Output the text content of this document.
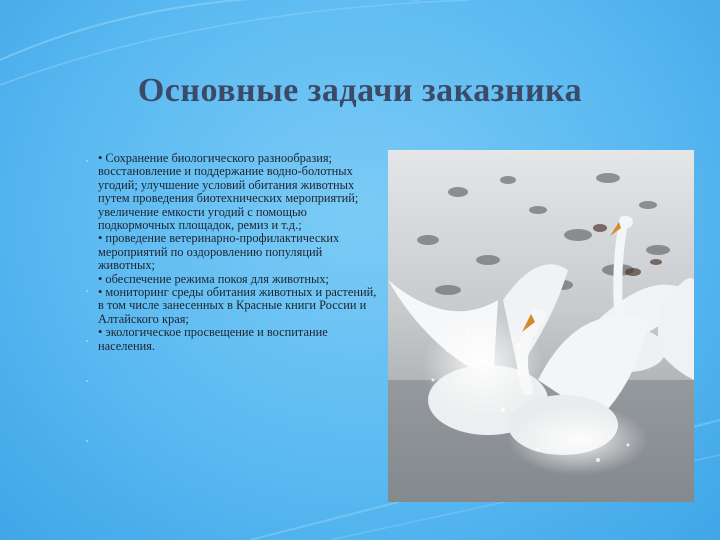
Основные задачи заказника

• Сохранение биологического разнообразия; восстановление и поддержание водно-болотных угодий; улучшение условий обитания животных путем проведения биотехнических мероприятий; увеличение емкости угодий с помощью подкормочных площадок, ремиз и т.д.;

• проведение ветеринарно-профилактических мероприятий по оздоровлению популяций животных;

• обеспечение режима покоя для животных;

• мониторинг среды обитания животных и растений, в том числе занесенных в Красные книги России и Алтайского края;

• экологическое просвещение и воспитание населения.
